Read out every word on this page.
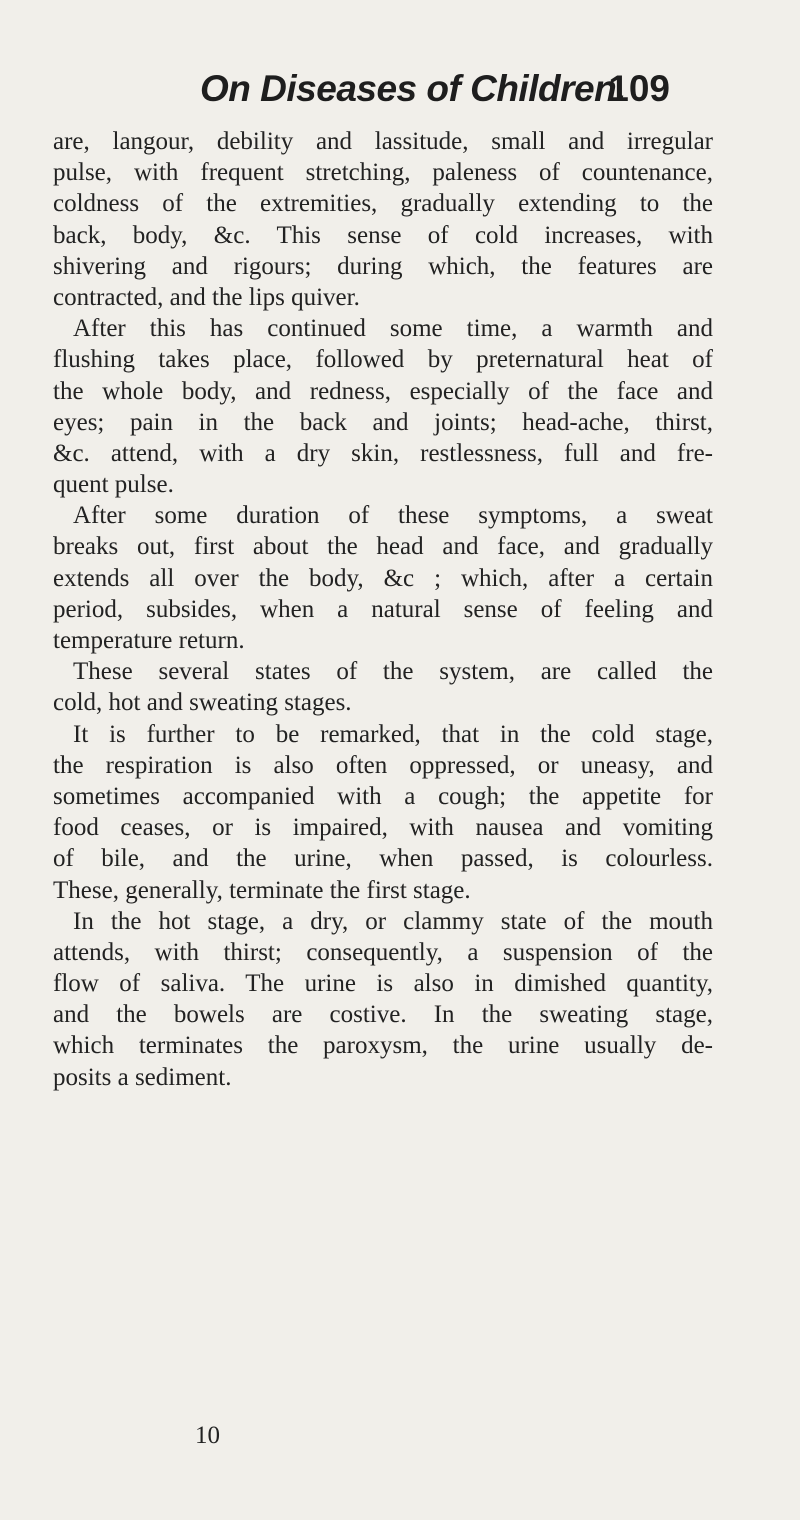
On Diseases of Children.
109
are, langour, debility and lassitude, small and irregular
pulse, with frequent stretching, paleness of countenance,
coldness of the extremities, gradually extending to the
back, body, &c. This sense of cold increases, with
shivering and rigours; during which, the features are
contracted, and the lips quiver.
After this has continued some time, a warmth and
flushing takes place, followed by preternatural heat of
the whole body, and redness, especially of the face and
eyes; pain in the back and joints; head-ache, thirst,
&c. attend, with a dry skin, restlessness, full and fre-
quent pulse.
After some duration of these symptoms, a sweat
breaks out, first about the head and face, and gradually
extends all over the body, &c ; which, after a certain
period, subsides, when a natural sense of feeling and
temperature return.
These several states of the system, are called the
cold, hot and sweating stages.
It is further to be remarked, that in the cold stage,
the respiration is also often oppressed, or uneasy, and
sometimes accompanied with a cough; the appetite for
food ceases, or is impaired, with nausea and vomiting
of bile, and the urine, when passed, is colourless.
These, generally, terminate the first stage.
In the hot stage, a dry, or clammy state of the mouth
attends, with thirst; consequently, a suspension of the
flow of saliva. The urine is also in dimished quantity,
and the bowels are costive. In the sweating stage,
which terminates the paroxysm, the urine usually de-
posits a sediment.
10
